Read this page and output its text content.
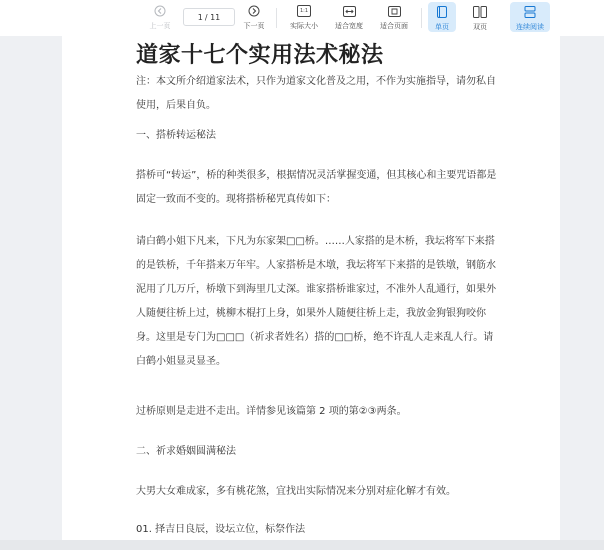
上一页
1 / 11
下一页
1:1
实际大小 适合宽度 适合页面	单页	双页	连续阅读
道家十七个实用法术秘法
注：本文所介绍道家法术，只作为道家文化普及之用，不作为实施指导，请勿私自使用，后果自负。
一、搭桥转运秘法
搭桥可“转运”，桥的种类很多，根据情况灵活掌握变通，但其核心和主要咒语都是固定一致而不变的。现将搭桥秘咒真传如下：
请白鹤小姐下凡来，下凡为东家架□□桥。……人家搭的是木桥，我坛将军下来搭的是铁桥，千年搭来万年牢。人家搭桥是木墩，我坛将军下来搭的是铁墩，钢筋水泥用了几万斤，桥墩下到海里几丈深。谁家搭桥谁家过，不准外人乱通行，如果外人随便往桥上过，桃柳木棍打上身，如果外人随便往桥上走，我放金狗银狗咬你身。这里是专门为□□□（祈求者姓名）搭的□□桥，绝不许乱人走来乱人行。请白鹤小姐显灵显圣。
过桥原则是走进不走出。详情参见该篇第 2 项的第②③两条。
二、祈求婚姻圆满秘法
大男大女难成家，多有桃花煞，宜找出实际情况来分别对症化解才有效。
01. 择吉日良辰，设坛立位，标祭作法
